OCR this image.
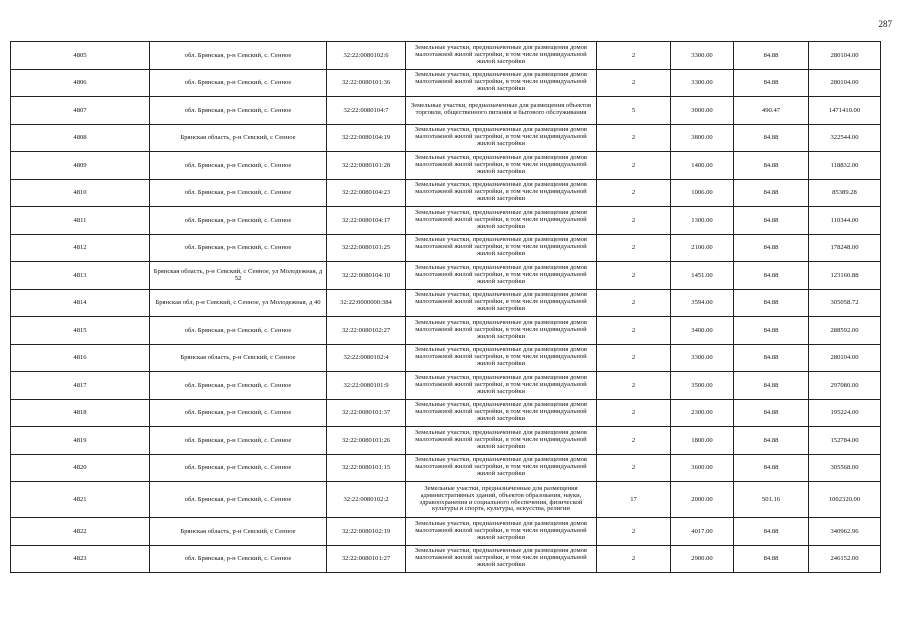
287
4805	обл. Брянская, р-н Севский, с. Сенное	32:22:0080102:6	Земельные участки, предназначенные для размещения домов малоэтажной жилой застройки, в том числе индивидуальной жилой застройки	2	3300.00	84.88	280104.00
4806	обл. Брянская, р-н Севский, с. Сенное	32:22:0080101:36	Земельные участки, предназначенные для размещения домов малоэтажной жилой застройки, в том числе индивидуальной жилой застройки	2	3300.00	84.88	280104.00
4807	обл. Брянская, р-н Севский, с. Сенное	32:22:0080104:7	Земельные участки, предназначенные для размещения объектов торговли, общественного питания и бытового обслуживания	5	3000.00	490.47	1471410.00
4808	Брянская область, р-н Севский, с Сенное	32:22:0080104:19	Земельные участки, предназначенные для размещения домов малоэтажной жилой застройки, в том числе индивидуальной жилой застройки	2	3800.00	84.88	322544.00
4809	обл. Брянская, р-н Севский, с. Сенное	32:22:0080101:28	Земельные участки, предназначенные для размещения домов малоэтажной жилой застройки, в том числе индивидуальной жилой застройки	2	1400.00	84.88	118832.00
4810	обл. Брянская, р-н Севский, с. Сенное	32:22:0080104:23	Земельные участки, предназначенные для размещения домов малоэтажной жилой застройки, в том числе индивидуальной жилой застройки	2	1006.00	84.88	85389.28
4811	обл. Брянская, р-н Севский, с. Сенное	32:22:0080104:17	Земельные участки, предназначенные для размещения домов малоэтажной жилой застройки, в том числе индивидуальной жилой застройки	2	1300.00	84.88	110344.00
4812	обл. Брянская, р-н Севский, с. Сенное	32:22:0080101:25	Земельные участки, предназначенные для размещения домов малоэтажной жилой застройки, в том числе индивидуальной жилой застройки	2	2100.00	84.88	178248.00
4813	Брянская область, р-н Севский, с Сенное, ул Молодежная, д 52	32:22:0080104:10	Земельные участки, предназначенные для размещения домов малоэтажной жилой застройки, в том числе индивидуальной жилой застройки	2	1451.00	84.88	123160.88
4814	Брянская обл, р-н Севский, с Сенное, ул Молодежная, д 40	32:22:0000000:384	Земельные участки, предназначенные для размещения домов малоэтажной жилой застройки, в том числе индивидуальной жилой застройки	2	3594.00	84.88	305058.72
4815	обл. Брянская, р-н Севский, с. Сенное	32:22:0080102:27	Земельные участки, предназначенные для размещения домов малоэтажной жилой застройки, в том числе индивидуальной жилой застройки	2	3400.00	84.88	288592.00
4816	Брянская область, р-н Севский, с Сенное	32:22:0080102:4	Земельные участки, предназначенные для размещения домов малоэтажной жилой застройки, в том числе индивидуальной жилой застройки	2	3300.00	84.88	280104.00
4817	обл. Брянская, р-н Севский, с. Сенное	32:22:0080101:9	Земельные участки, предназначенные для размещения домов малоэтажной жилой застройки, в том числе индивидуальной жилой застройки	2	3500.00	84.88	297080.00
4818	обл. Брянская, р-н Севский, с. Сенное	32:22:0080101:37	Земельные участки, предназначенные для размещения домов малоэтажной жилой застройки, в том числе индивидуальной жилой застройки	2	2300.00	84.88	195224.00
4819	обл. Брянская, р-н Севский, с. Сенное	32:22:0080101:26	Земельные участки, предназначенные для размещения домов малоэтажной жилой застройки, в том числе индивидуальной жилой застройки	2	1800.00	84.88	152784.00
4820	обл. Брянская, р-н Севский, с. Сенное	32:22:0080101:15	Земельные участки, предназначенные для размещения домов малоэтажной жилой застройки, в том числе индивидуальной жилой застройки	2	3600.00	84.88	305568.00
4821	обл. Брянская, р-н Севский, с. Сенное	32:22:0080102:2	Земельные участки, предназначенные для размещения административных зданий, объектов образования, науки, здравоохранения и социального обеспечения, физической культуры и спорта, культуры, искусства, религии	17	2000.00	501.16	1002320.00
4822	Брянская область, р-н Севский, с Сенное	32:22:0080102:19	Земельные участки, предназначенные для размещения домов малоэтажной жилой застройки, в том числе индивидуальной жилой застройки	2	4017.00	84.88	340962.96
4823	обл. Брянская, р-н Севский, с. Сенное	32:22:0080101:27	Земельные участки, предназначенные для размещения домов малоэтажной жилой застройки, в том числе индивидуальной жилой застройки	2	2900.00	84.88	246152.00
